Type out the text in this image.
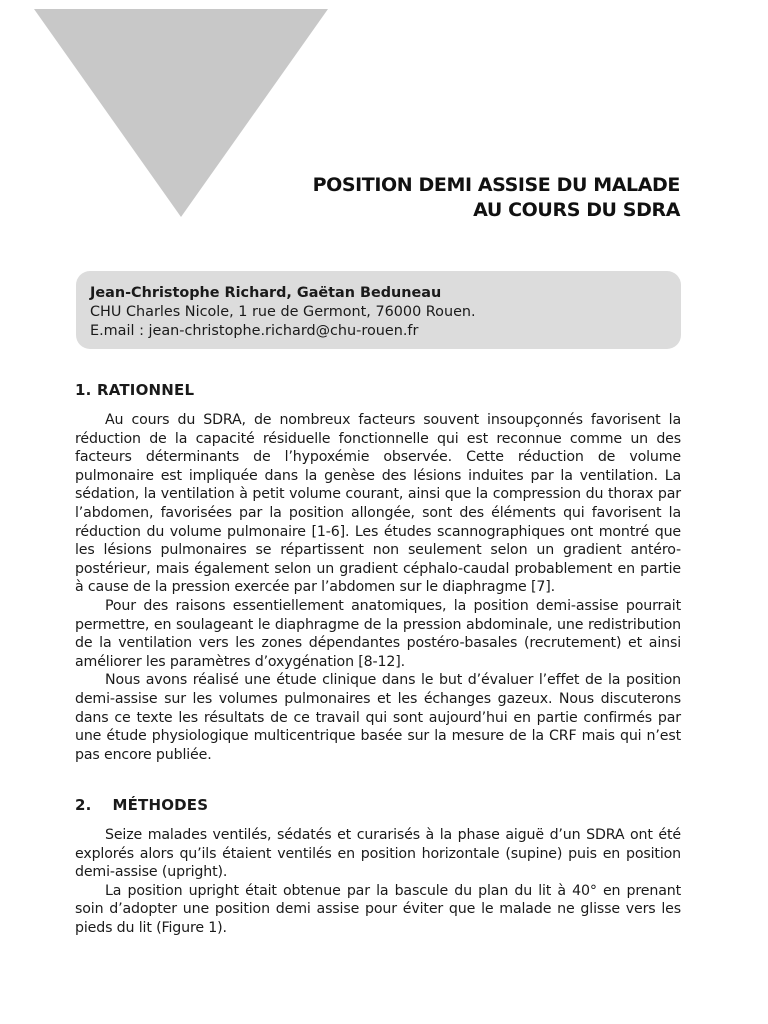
POSITION DEMI ASSISE DU MALADE
AU COURS DU SDRA
Jean-Christophe Richard, Gaëtan Beduneau
CHU Charles Nicole, 1 rue de Germont, 76000 Rouen.
E.mail : jean-christophe.richard@chu-rouen.fr
1. RATIONNEL

Au cours du SDRA, de nombreux facteurs souvent insoupçonnés favorisent la réduction de la capacité résiduelle fonctionnelle qui est reconnue comme un des facteurs déterminants de l’hypoxémie observée. Cette réduction de volume pulmonaire est impliquée dans la genèse des lésions induites par la ventilation. La sédation, la ventilation à petit volume courant, ainsi que la compression du thorax par l’abdomen, favorisées par la position allongée, sont des éléments qui favorisent la réduction du volume pulmonaire [1-6]. Les études scannographiques ont montré que les lésions pulmonaires se répartissent non seulement selon un gradient antéro-postérieur, mais également selon un gradient céphalo-caudal probablement en partie à cause de la pression exercée par l’abdomen sur le diaphragme [7].

Pour des raisons essentiellement anatomiques, la position demi-assise pourrait permettre, en soulageant le diaphragme de la pression abdominale, une redistribution de la ventilation vers les zones dépendantes postéro-basales (recrutement) et ainsi améliorer les paramètres d’oxygénation [8-12].

Nous avons réalisé une étude clinique dans le but d’évaluer l’effet de la position demi-assise sur les volumes pulmonaires et les échanges gazeux. Nous discuterons dans ce texte les résultats de ce travail qui sont aujourd’hui en partie confirmés par une étude physiologique multicentrique basée sur la mesure de la CRF mais qui n’est pas encore publiée.

2. MÉTHODES

Seize malades ventilés, sédatés et curarisés à la phase aiguë d’un SDRA ont été explorés alors qu’ils étaient ventilés en position horizontale (supine) puis en position demi-assise (upright).

La position upright était obtenue par la bascule du plan du lit à 40° en prenant soin d’adopter une position demi assise pour éviter que le malade ne glisse vers les pieds du lit (Figure 1).
